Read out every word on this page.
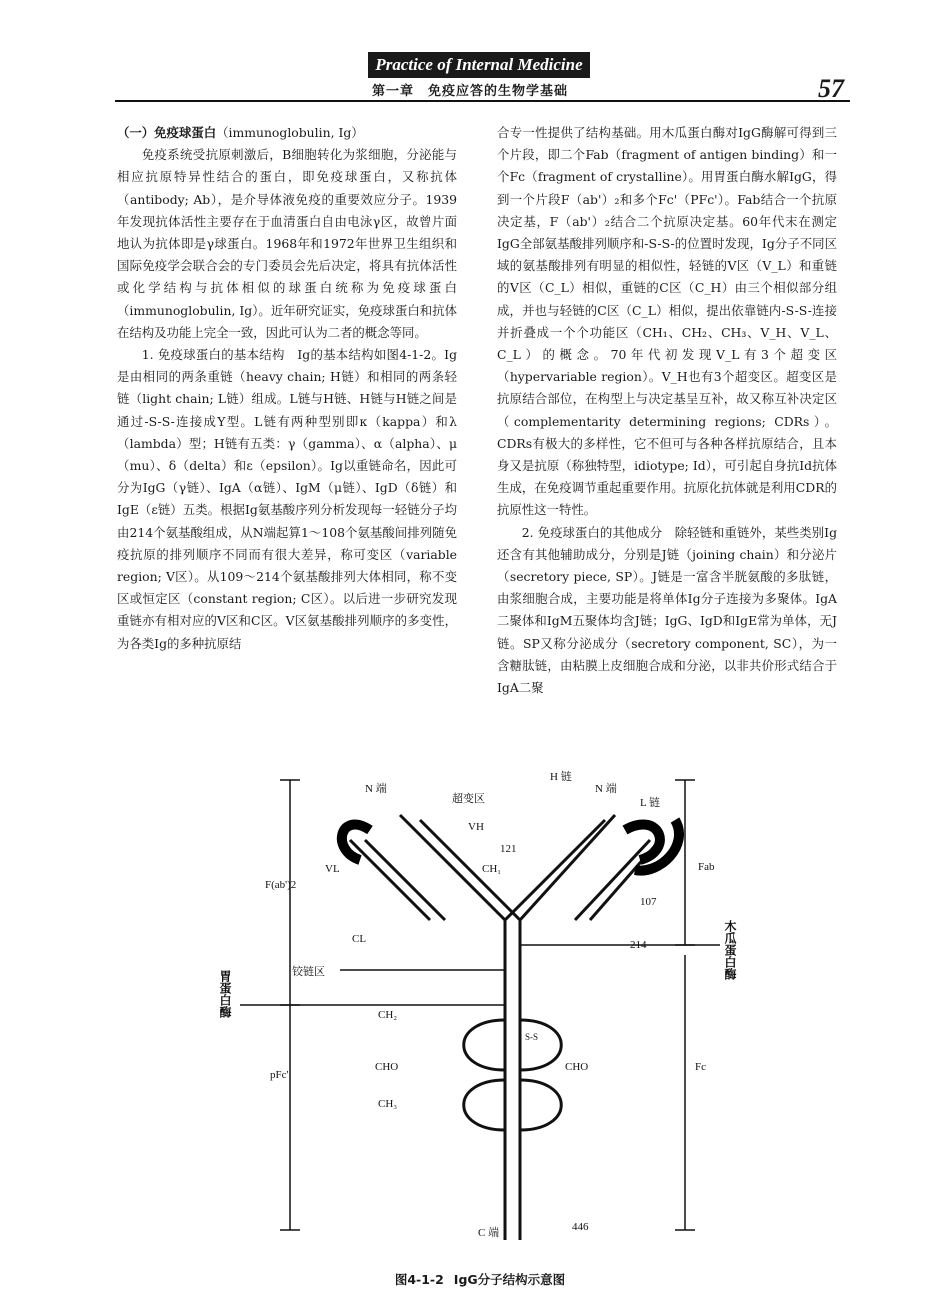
Practice of Internal Medicine
第一章　免疫应答的生物学基础	57

（一）免疫球蛋白（immunoglobulin, Ig）

免疫系统受抗原刺激后，B细胞转化为浆细胞，分泌能与相应抗原特异性结合的蛋白，即免疫球蛋白，又称抗体（antibody; Ab），是介导体液免疫的重要效应分子。1939年发现抗体活性主要存在于血清蛋白自由电泳γ区，故曾片面地认为抗体即是γ球蛋白。1968年和1972年世界卫生组织和国际免疫学会联合会的专门委员会先后决定，将具有抗体活性或化学结构与抗体相似的球蛋白统称为免疫球蛋白（immunoglobulin, Ig）。近年研究证实，免疫球蛋白和抗体在结构及功能上完全一致，因此可认为二者的概念等同。

1. 免疫球蛋白的基本结构　 Ig的基本结构如图4-1-2。Ig是由相同的两条重链（heavy chain; H链）和相同的两条轻链（light chain; L链）组成。L链与H链、H链与H链之间是通过-S-S-连接成Y型。L链有两种型别即κ（kappa）和λ（lambda）型；H链有五类：γ（gamma）、α（alpha）、μ（mu）、δ（delta）和ε（epsilon）。Ig以重链命名，因此可分为IgG（γ链）、IgA（α链）、IgM（μ链）、IgD（δ链）和IgE（ε链）五类。根据Ig氨基酸序列分析发现每一轻链分子均由214个氨基酸组成，从N端起算1～108个氨基酸间排列随免疫抗原的排列顺序不同而有很大差异，称可变区（variable region; V区）。从109～214个氨基酸排列大体相同，称不变区或恒定区（constant region; C区）。以后进一步研究发现重链亦有相对应的V区和C区。V区氨基酸排列顺序的多变性，为各类Ig的多种抗原结

合专一性提供了结构基础。用木瓜蛋白酶对IgG酶解可得到三个片段，即二个Fab（fragment of antigen binding）和一个Fc（fragment of crystalline）。用胃蛋白酶水解IgG，得到一个片段F（ab'）₂和多个Fc'（PFc'）。Fab结合一个抗原决定基，F（ab'）₂结合二个抗原决定基。60年代末在测定IgG全部氨基酸排列顺序和-S-S-的位置时发现，Ig分子不同区域的氨基酸排列有明显的相似性，轻链的V区（V_L）和重链的V区（C_L）相似，重链的C区（C_H）由三个相似部分组成，并也与轻链的C区（C_L）相似，提出依靠链内-S-S-连接并折叠成一个个功能区（CH₁、CH₂、CH₃、V_H、V_L、C_L）的概念。70年代初发现V_L有3个超变区（hypervariable region）。V_H也有3个超变区。超变区是抗原结合部位，在构型上与决定基呈互补，故又称互补决定区（complementarity determining regions; CDRs）。CDRs有极大的多样性，它不但可与各种各样抗原结合，且本身又是抗原（称独特型，idiotype; Id），可引起自身抗Id抗体生成，在免疫调节重起重要作用。抗原化抗体就是利用CDR的抗原性这一特性。

2. 免疫球蛋白的其他成分　 除轻链和重链外，某些类别Ig还含有其他辅助成分，分别是J链（joining chain）和分泌片（secretory piece, SP）。J链是一富含半胱氨酸的多肽链，由浆细胞合成，主要功能是将单体Ig分子连接为多聚体。IgA二聚体和IgM五聚体均含J链；IgG、IgD和IgE常为单体，无J链。SP又称分泌成分（secretory component, SC），为一含糖肽链，由粘膜上皮细胞合成和分泌，以非共价形式结合于IgA二聚

N 端
超变区
H 链
N 端
L 链
VH
VL
121
CH₁	Fab
F(ab')2
107
CL	214
铰链区
CH₂
CHO	CHO	Fc
pFc'
CH₃
C 端	446
S-S
胃蛋白酶
木瓜蛋白酶
图4-1-2 IgG分子结构示意图
